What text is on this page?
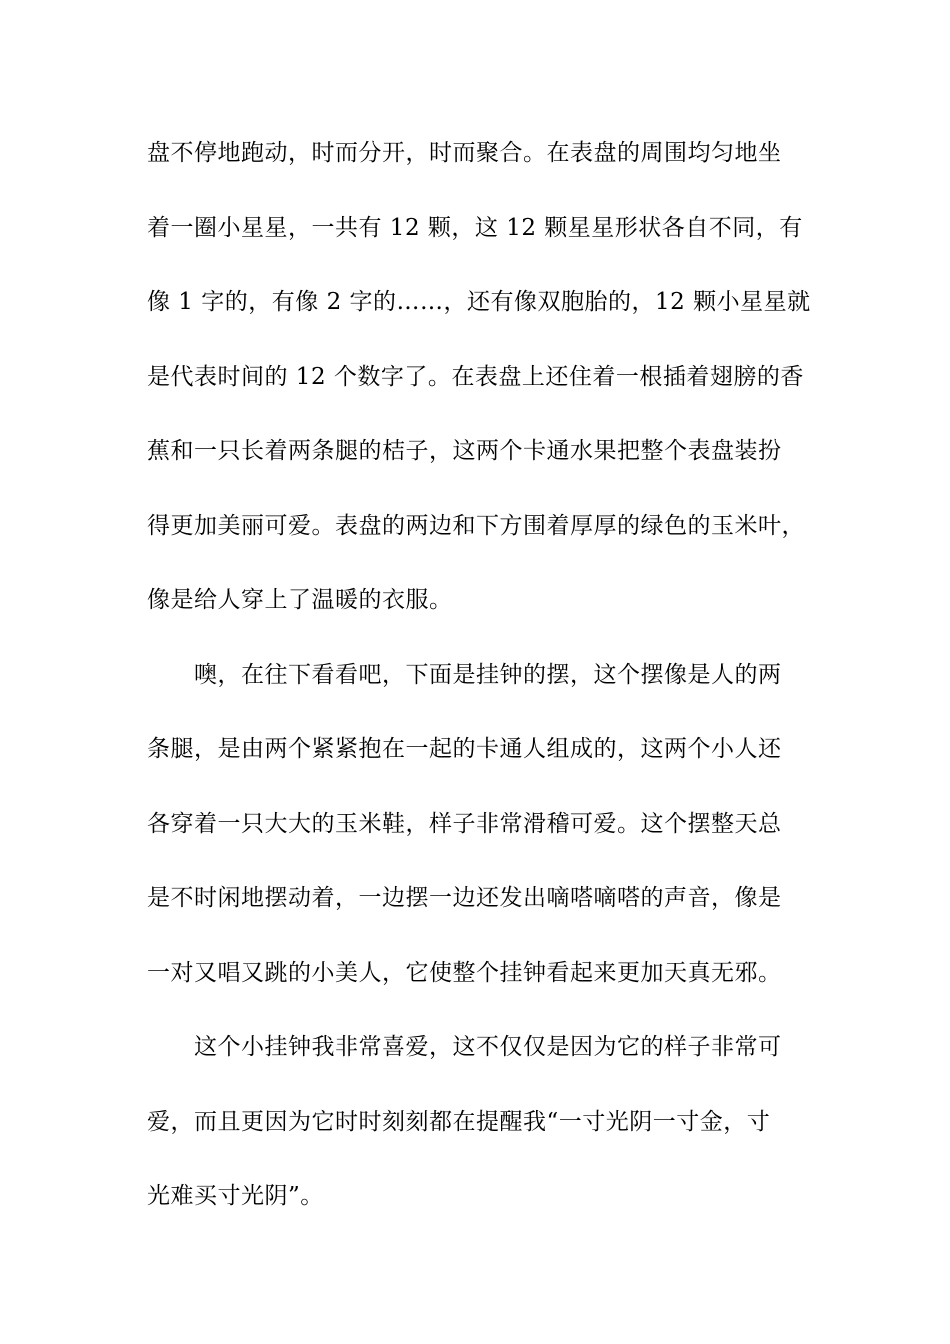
盘不停地跑动，时而分开，时而聚合。在表盘的周围均匀地坐
着一圈小星星，一共有 12 颗，这 12 颗星星形状各自不同，有
像 1 字的，有像 2 字的……，还有像双胞胎的，12 颗小星星就
是代表时间的 12 个数字了。在表盘上还住着一根插着翅膀的香
蕉和一只长着两条腿的桔子，这两个卡通水果把整个表盘装扮
得更加美丽可爱。表盘的两边和下方围着厚厚的绿色的玉米叶，
像是给人穿上了温暖的衣服。
噢，在往下看看吧，下面是挂钟的摆，这个摆像是人的两
条腿，是由两个紧紧抱在一起的卡通人组成的，这两个小人还
各穿着一只大大的玉米鞋，样子非常滑稽可爱。这个摆整天总
是不时闲地摆动着，一边摆一边还发出嘀嗒嘀嗒的声音，像是
一对又唱又跳的小美人，它使整个挂钟看起来更加天真无邪。
这个小挂钟我非常喜爱，这不仅仅是因为它的样子非常可
爱，而且更因为它时时刻刻都在提醒我“一寸光阴一寸金，寸
光难买寸光阴”。
